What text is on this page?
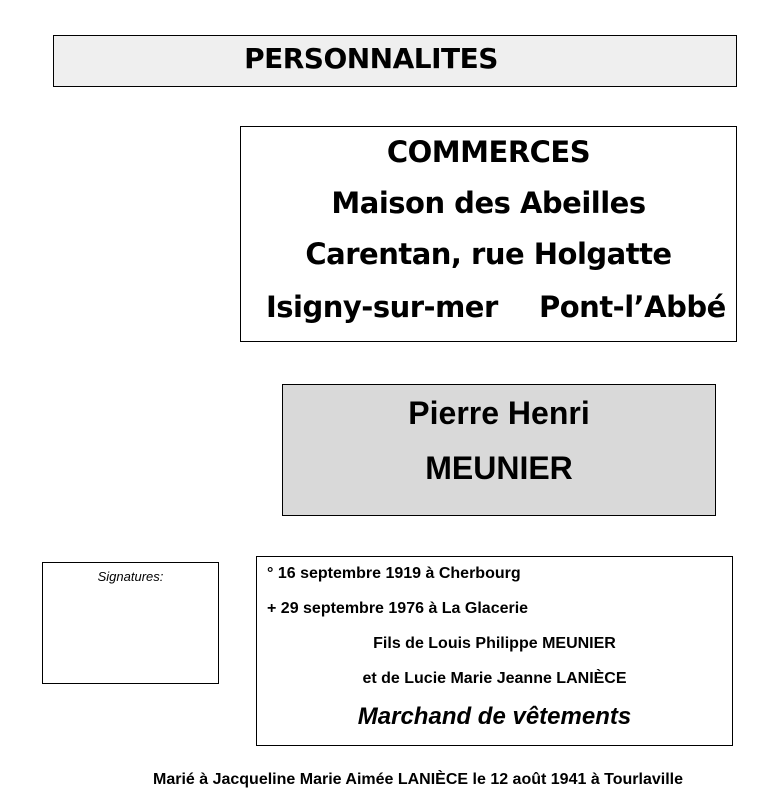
PERSONNALITES
COMMERCES
Maison des Abeilles
Carentan, rue Holgatte
Isigny-sur-mer Pont-l’Abbé
Pierre Henri
MEUNIER
Signatures:	° 16 septembre 1919 à Cherbourg
+ 29 septembre 1976 à La Glacerie
Fils de Louis Philippe MEUNIER
et de Lucie Marie Jeanne LANIÈCE
Marchand de vêtements
Marié à Jacqueline Marie Aimée LANIÈCE le 12 août 1941 à Tourlaville
